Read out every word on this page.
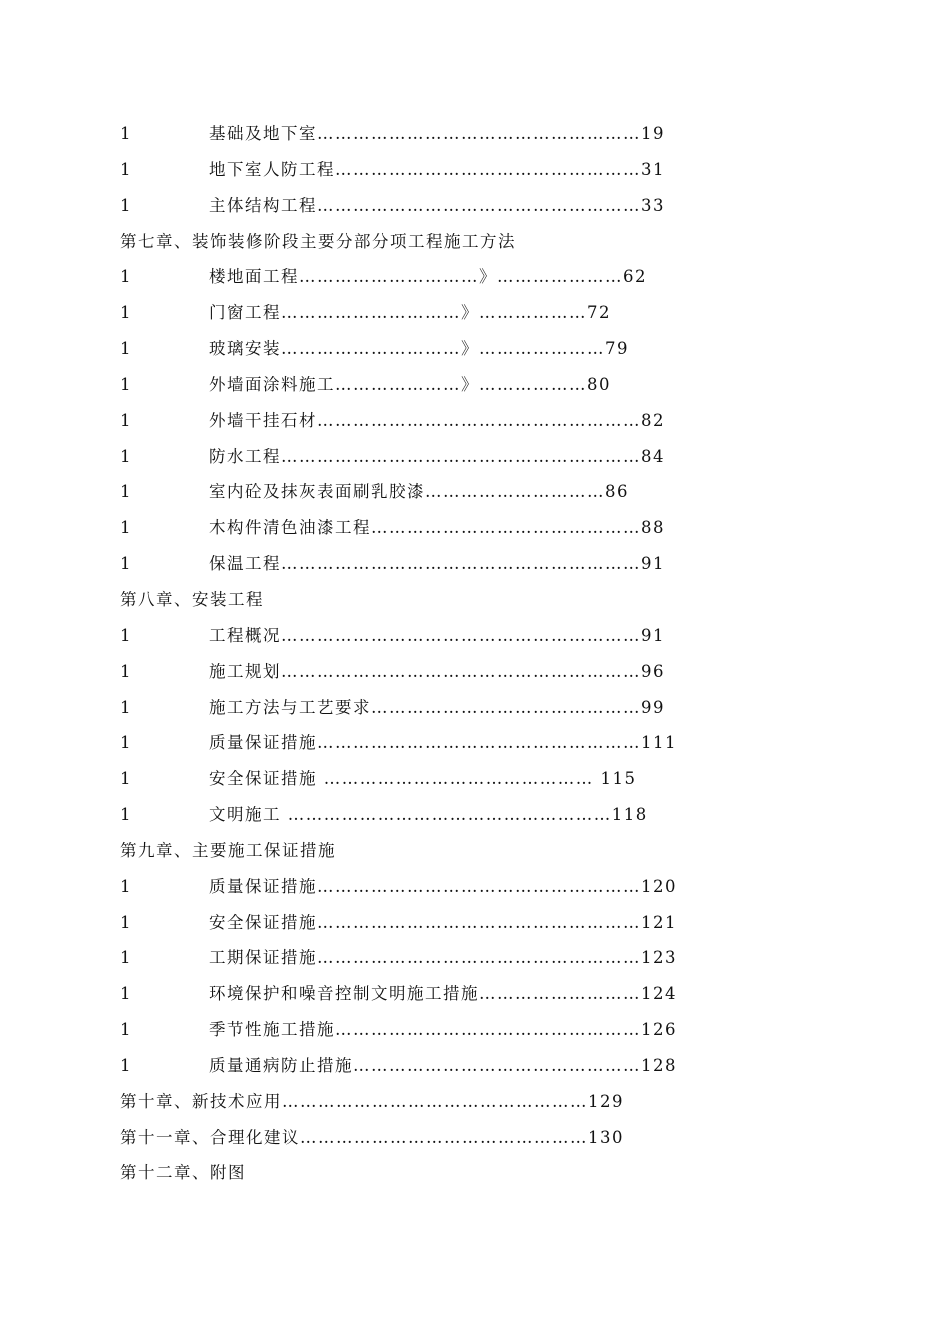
1	基础及地下室………………………………………………19
1	地下室人防工程……………………………………………31
1	主体结构工程………………………………………………33
第七章、装饰装修阶段主要分部分项工程施工方法
1	楼地面工程…………………………》…………………62
1	门窗工程…………………………》………………72
1	玻璃安装…………………………》…………………79
1	外墙面涂料施工…………………》………………80
1	外墙干挂石材………………………………………………82
1	防水工程……………………………………………………84
1	室内砼及抹灰表面刷乳胶漆…………………………86
1	木构件清色油漆工程………………………………………88
1	保温工程……………………………………………………91
第八章、安装工程
1	工程概况……………………………………………………91
1	施工规划……………………………………………………96
1	施工方法与工艺要求………………………………………99
1	质量保证措施………………………………………………111
1	安全保证措施 ……………………………………… 115
1	文明施工 ………………………………………………118
第九章、主要施工保证措施
1	质量保证措施………………………………………………120
1	安全保证措施………………………………………………121
1	工期保证措施………………………………………………123
1	环境保护和噪音控制文明施工措施………………………124
1	季节性施工措施……………………………………………126
1	质量通病防止措施…………………………………………128
第十章、新技术应用……………………………………………129
第十一章、合理化建议…………………………………………130
第十二章、附图
